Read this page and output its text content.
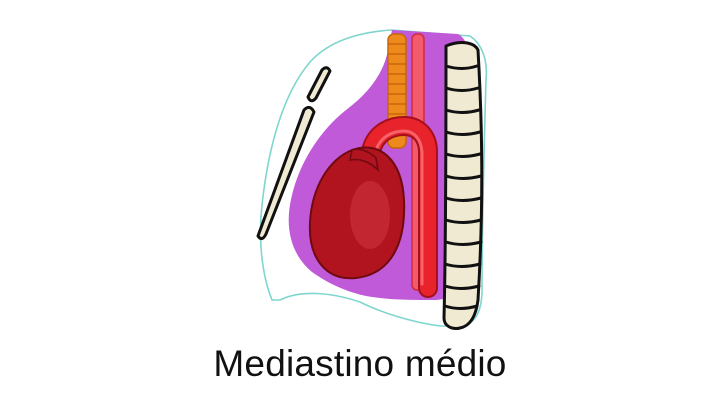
Mediastino médio
